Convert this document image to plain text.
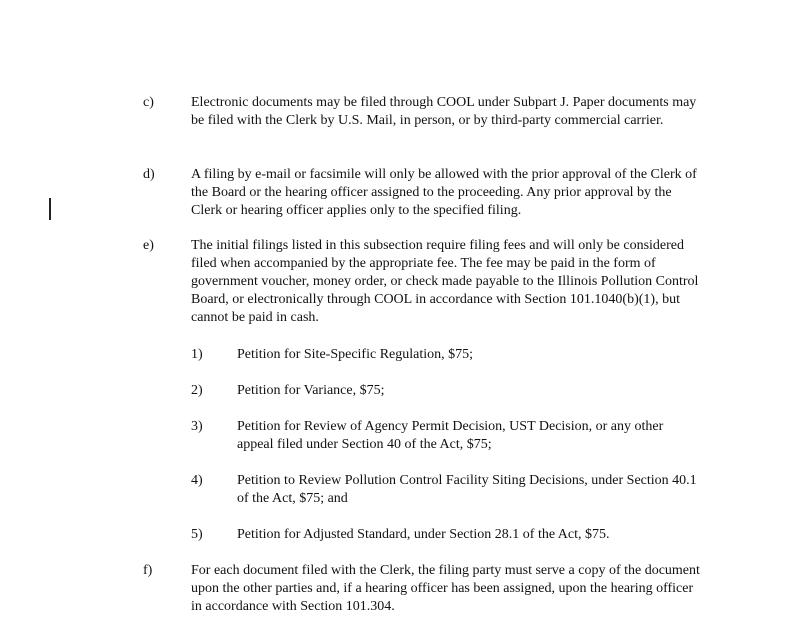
c)	Electronic documents may be filed through COOL under Subpart J. Paper documents may be filed with the Clerk by U.S. Mail, in person, or by third-party commercial carrier.
d)	A filing by e-mail or facsimile will only be allowed with the prior approval of the Clerk of the Board or the hearing officer assigned to the proceeding. Any prior approval by the Clerk or hearing officer applies only to the specified filing.
e)	The initial filings listed in this subsection require filing fees and will only be considered filed when accompanied by the appropriate fee. The fee may be paid in the form of government voucher, money order, or check made payable to the Illinois Pollution Control Board, or electronically through COOL in accordance with Section 101.1040(b)(1), but cannot be paid in cash.
1) Petition for Site-Specific Regulation, $75;
2) Petition for Variance, $75;
3) Petition for Review of Agency Permit Decision, UST Decision, or any other appeal filed under Section 40 of the Act, $75;
4) Petition to Review Pollution Control Facility Siting Decisions, under Section 40.1 of the Act, $75; and
5) Petition for Adjusted Standard, under Section 28.1 of the Act, $75.
f)	For each document filed with the Clerk, the filing party must serve a copy of the document upon the other parties and, if a hearing officer has been assigned, upon the hearing officer in accordance with Section 101.304.
